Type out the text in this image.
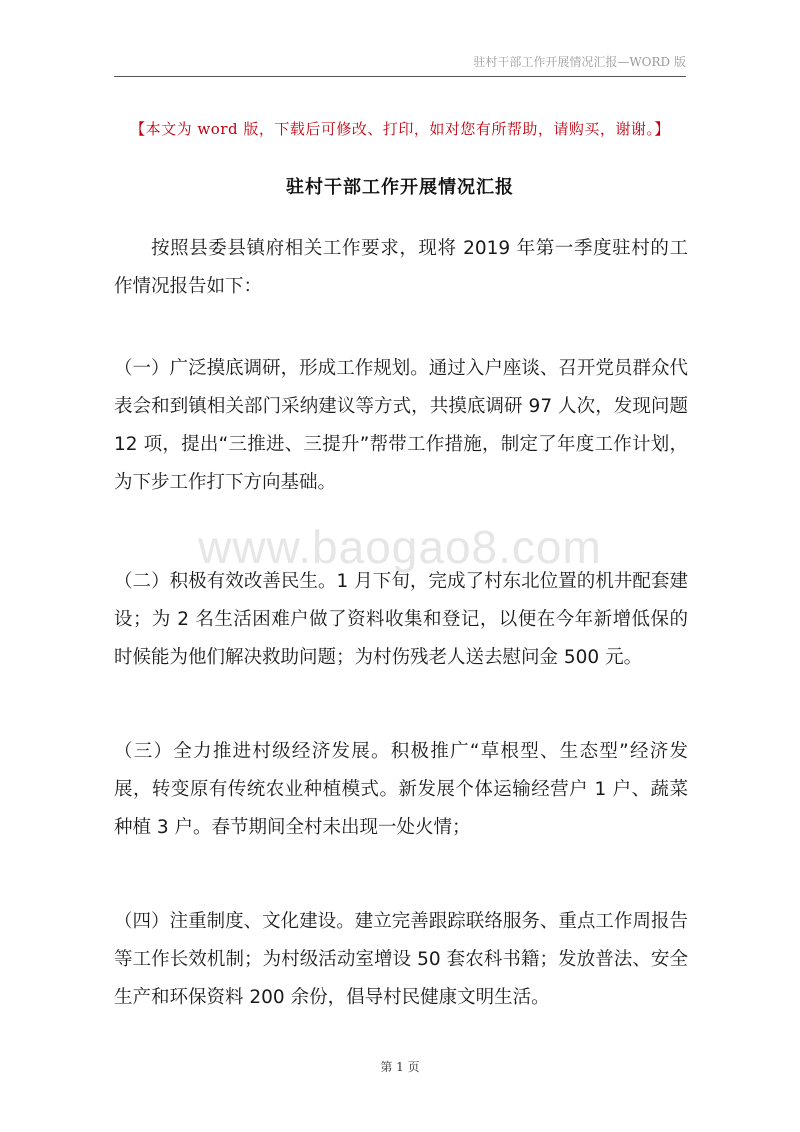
驻村干部工作开展情况汇报—WORD 版
【本文为 word 版，下载后可修改、打印，如对您有所帮助，请购买，谢谢。】
驻村干部工作开展情况汇报
www.baogao8.com

按照县委县镇府相关工作要求，现将 2019 年第一季度驻村的工作情况报告如下：

（一）广泛摸底调研，形成工作规划。通过入户座谈、召开党员群众代表会和到镇相关部门采纳建议等方式，共摸底调研 97 人次，发现问题 12 项，提出“三推进、三提升”帮带工作措施，制定了年度工作计划，为下步工作打下方向基础。

（二）积极有效改善民生。1 月下旬，完成了村东北位置的机井配套建设；为 2 名生活困难户做了资料收集和登记，以便在今年新增低保的时候能为他们解决救助问题；为村伤残老人送去慰问金 500 元。

（三）全力推进村级经济发展。积极推广“草根型、生态型”经济发展，转变原有传统农业种植模式。新发展个体运输经营户 1 户、蔬菜种植 3 户。春节期间全村未出现一处火情；

（四）注重制度、文化建设。建立完善跟踪联络服务、重点工作周报告等工作长效机制；为村级活动室增设 50 套农科书籍；发放普法、安全生产和环保资料 200 余份，倡导村民健康文明生活。

第 1 页
